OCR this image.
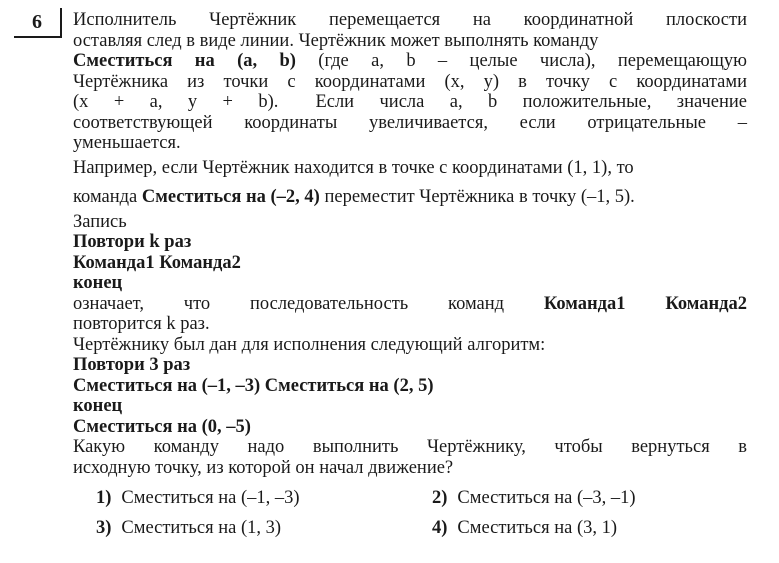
6	Исполнитель Чертёжник перемещается на координатной плоскости

оставляя след в виде линии. Чертёжник может выполнять команду

Сместиться на (a, b) (где a, b – целые числа), перемещающую

Чертёжника из точки с координатами (x, y) в точку с координатами

(x + a, y + b).   Если числа a, b положительные, значение

соответствующей координаты увеличивается, если отрицательные –

уменьшается.

Например, если Чертёжник находится в точке с координатами (1, 1), то

команда Сместиться на (–2, 4) переместит Чертёжника в точку (–1, 5).

Запись

Повтори k раз

Команда1 Команда2

конец

означает, что последовательность команд Команда1 Команда2

повторится k раз.

Чертёжнику был дан для исполнения следующий алгоритм:

Повтори 3 раз

Сместиться на (–1, –3) Сместиться на (2, 5)

конец

Сместиться на (0, –5)

Какую команду надо выполнить Чертёжнику, чтобы вернуться в

исходную точку, из которой он начал движение?

1) Сместиться на (–1, –3)	2) Сместиться на (–3, –1)
3) Сместиться на (1, 3)	4) Сместиться на (3, 1)
